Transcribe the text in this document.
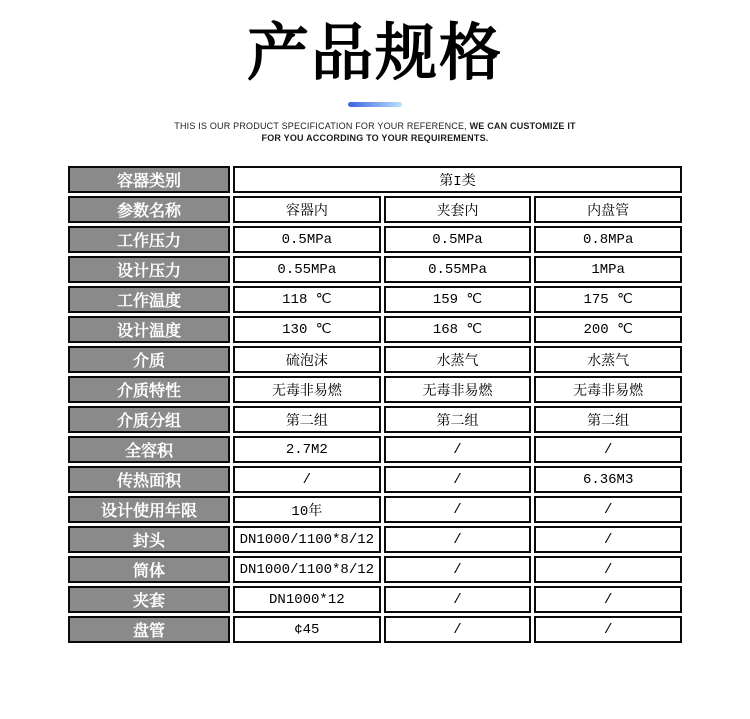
产品规格
THIS IS OUR PRODUCT SPECIFICATION FOR YOUR REFERENCE, WE CAN CUSTOMIZE IT
FOR YOU ACCORDING TO YOUR REQUIREMENTS.
容器类别	第I类		
参数名称	容器内	夹套内	内盘管
工作压力	0.5MPa	0.5MPa	0.8MPa
设计压力	0.55MPa	0.55MPa	1MPa
工作温度	118 ℃	159 ℃	175 ℃
设计温度	130 ℃	168 ℃	200 ℃
介质	硫泡沫	水蒸气	水蒸气
介质特性	无毒非易燃	无毒非易燃	无毒非易燃
介质分组	第二组	第二组	第二组
全容积	2.7M2	/	/
传热面积	/	/	6.36M3
设计使用年限	10年	/	/
封头	DN1000/1100*8/12	/	/
筒体	DN1000/1100*8/12	/	/
夹套	DN1000*12	/	/
盘管	¢45	/	/
